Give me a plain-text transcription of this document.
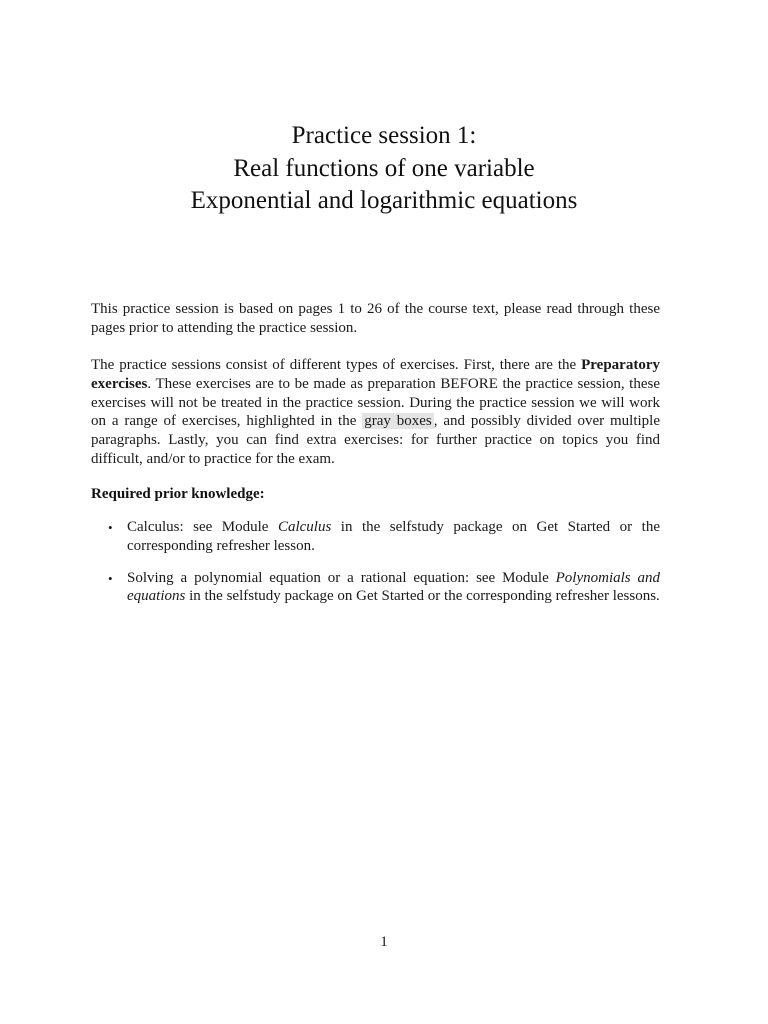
Practice session 1:
Real functions of one variable
Exponential and logarithmic equations

This practice session is based on pages 1 to 26 of the course text, please read through these pages prior to attending the practice session.

The practice sessions consist of different types of exercises. First, there are the Preparatory exercises. These exercises are to be made as preparation BEFORE the practice session, these exercises will not be treated in the practice session. During the practice session we will work on a range of exercises, highlighted in the gray boxes , and possibly divided over multiple paragraphs. Lastly, you can find extra exercises: for further practice on topics you find difficult, and/or to practice for the exam.

Required prior knowledge:
• Calculus: see Module Calculus in the selfstudy package on Get Started or the corresponding refresher lesson.
• Solving a polynomial equation or a rational equation: see Module Polynomials and equations in the selfstudy package on Get Started or the corresponding refresher lessons.
1
